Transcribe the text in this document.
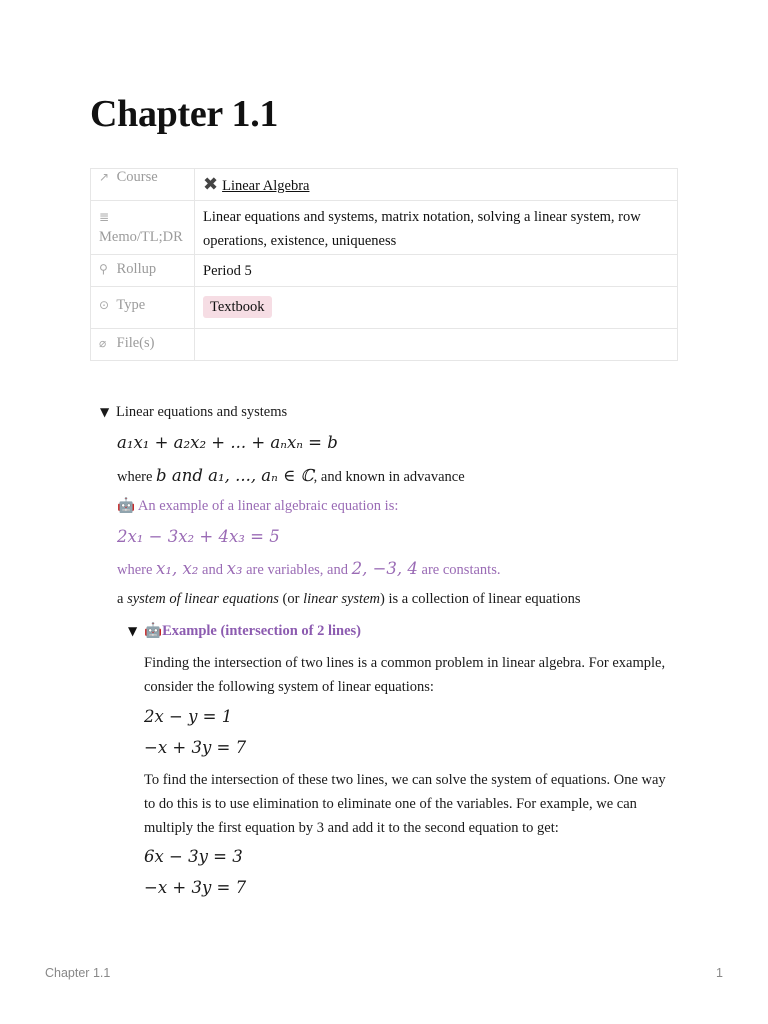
Chapter 1.1
↗ Course	✖ Linear Algebra
≣
Memo/TL;DR	Linear equations and systems, matrix notation, solving a linear system, row operations, existence, uniqueness
⚲ Rollup	Period 5
⊙ Type	Textbook
⌀ File(s)	
▼ Linear equations and systems
a₁x₁ + a₂x₂ + ... + aₙxₙ = b
where b and a₁, ..., aₙ ∈ ℂ, and known in advavance
🤖 An example of a linear algebraic equation is:
2x₁ − 3x₂ + 4x₃ = 5
where x₁, x₂ and x₃ are variables, and 2, −3, 4 are constants.
a system of linear equations (or linear system) is a collection of linear equations
▼ 🤖Example (intersection of 2 lines)
Finding the intersection of two lines is a common problem in linear algebra. For example, consider the following system of linear equations:
2x − y = 1
−x + 3y = 7
To find the intersection of these two lines, we can solve the system of equations. One way to do this is to use elimination to eliminate one of the variables. For example, we can multiply the first equation by 3 and add it to the second equation to get:
6x − 3y = 3
−x + 3y = 7
Chapter 1.1	1
